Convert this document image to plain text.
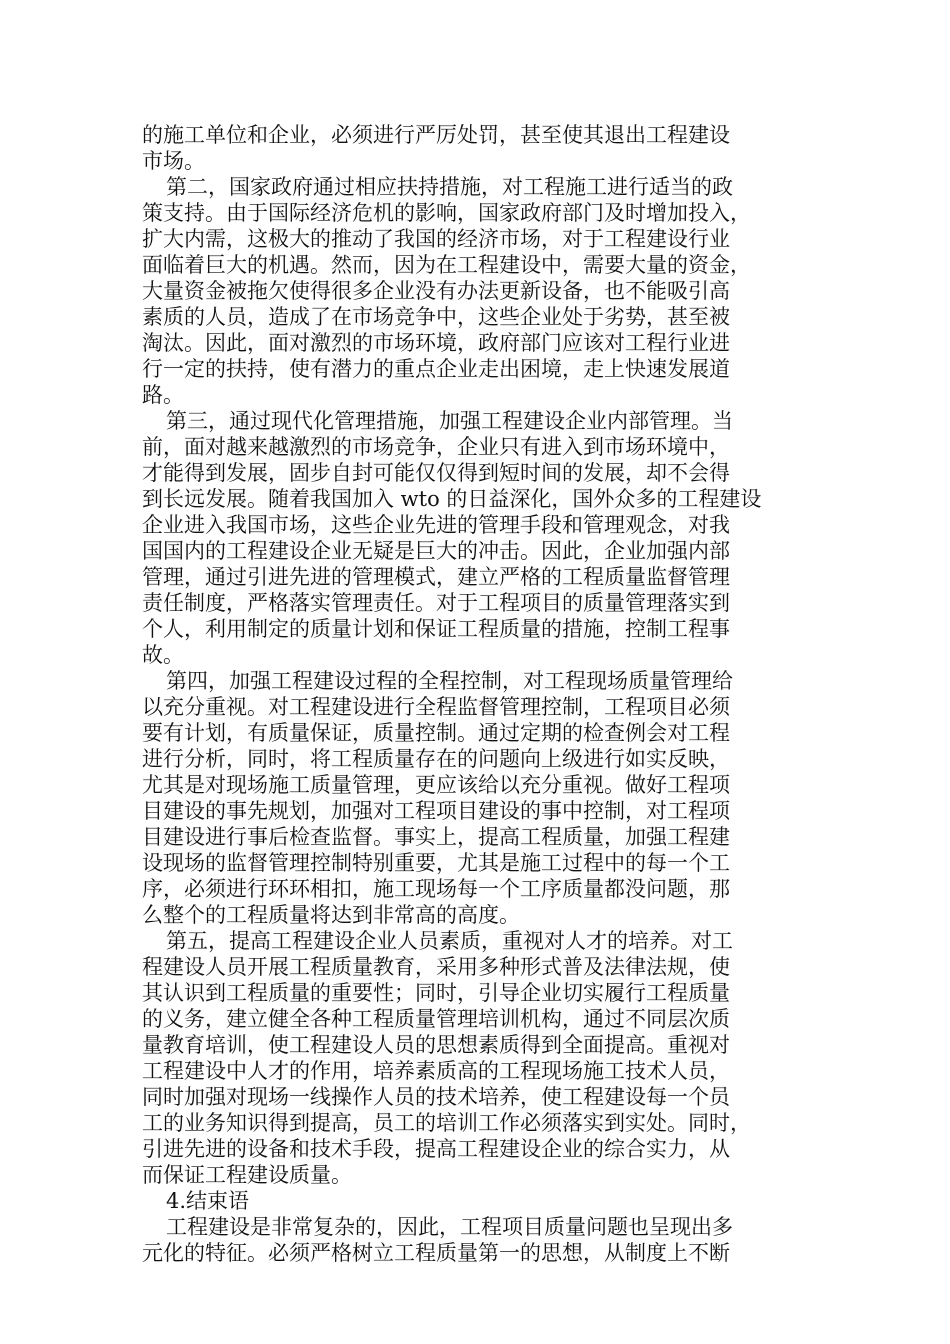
的施工单位和企业，必须进行严厉处罚，甚至使其退出工程建设
市场。
第二，国家政府通过相应扶持措施，对工程施工进行适当的政
策支持。由于国际经济危机的影响，国家政府部门及时增加投入，
扩大内需，这极大的推动了我国的经济市场，对于工程建设行业
面临着巨大的机遇。然而，因为在工程建设中，需要大量的资金，
大量资金被拖欠使得很多企业没有办法更新设备，也不能吸引高
素质的人员，造成了在市场竞争中，这些企业处于劣势，甚至被
淘汰。因此，面对激烈的市场环境，政府部门应该对工程行业进
行一定的扶持，使有潜力的重点企业走出困境，走上快速发展道
路。
第三，通过现代化管理措施，加强工程建设企业内部管理。当
前，面对越来越激烈的市场竞争，企业只有进入到市场环境中，
才能得到发展，固步自封可能仅仅得到短时间的发展，却不会得
到长远发展。随着我国加入 wto 的日益深化，国外众多的工程建设
企业进入我国市场，这些企业先进的管理手段和管理观念，对我
国国内的工程建设企业无疑是巨大的冲击。因此，企业加强内部
管理，通过引进先进的管理模式，建立严格的工程质量监督管理
责任制度，严格落实管理责任。对于工程项目的质量管理落实到
个人，利用制定的质量计划和保证工程质量的措施，控制工程事
故。
第四，加强工程建设过程的全程控制，对工程现场质量管理给
以充分重视。对工程建设进行全程监督管理控制，工程项目必须
要有计划，有质量保证，质量控制。通过定期的检查例会对工程
进行分析，同时，将工程质量存在的问题向上级进行如实反映，
尤其是对现场施工质量管理，更应该给以充分重视。做好工程项
目建设的事先规划，加强对工程项目建设的事中控制，对工程项
目建设进行事后检查监督。事实上，提高工程质量，加强工程建
设现场的监督管理控制特别重要，尤其是施工过程中的每一个工
序，必须进行环环相扣，施工现场每一个工序质量都没问题，那
么整个的工程质量将达到非常高的高度。
第五，提高工程建设企业人员素质，重视对人才的培养。对工
程建设人员开展工程质量教育，采用多种形式普及法律法规，使
其认识到工程质量的重要性；同时，引导企业切实履行工程质量
的义务，建立健全各种工程质量管理培训机构，通过不同层次质
量教育培训，使工程建设人员的思想素质得到全面提高。重视对
工程建设中人才的作用，培养素质高的工程现场施工技术人员，
同时加强对现场一线操作人员的技术培养，使工程建设每一个员
工的业务知识得到提高，员工的培训工作必须落实到实处。同时，
引进先进的设备和技术手段，提高工程建设企业的综合实力，从
而保证工程建设质量。
4.结束语
工程建设是非常复杂的，因此，工程项目质量问题也呈现出多
元化的特征。必须严格树立工程质量第一的思想，从制度上不断
